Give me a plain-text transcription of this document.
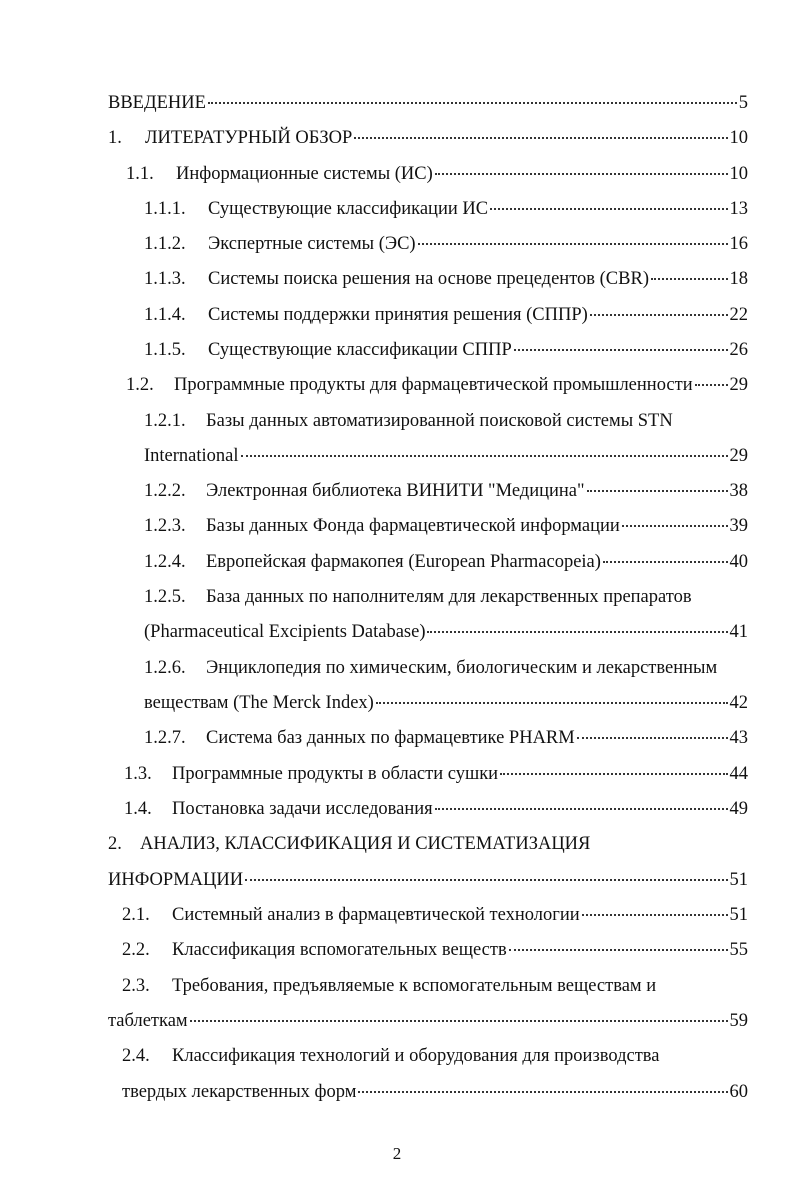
ВВЕДЕНИЕ	5
1.	ЛИТЕРАТУРНЫЙ ОБЗОР	10
1.1.	Информационные системы (ИС)	10
1.1.1.	Существующие классификации ИС	13
1.1.2.	Экспертные системы (ЭС)	16
1.1.3.	Системы поиска решения на основе прецедентов (CBR)	18
1.1.4.	Системы поддержки принятия решения (СППР)	22
1.1.5.	Существующие классификации СППР	26
1.2.	Программные продукты для фармацевтической промышленности 29
1.2.1.	Базы данных автоматизированной поисковой системы STN
International	29
1.2.2.	Электронная библиотека ВИНИТИ "Медицина"	38
1.2.3.	Базы данных Фонда фармацевтической информации	39
1.2.4.	Европейская фармакопея (European Pharmacopeia)	40
1.2.5.	База данных по наполнителям для лекарственных препаратов
(Pharmaceutical Excipients Database)	41
1.2.6.	Энциклопедия по химическим, биологическим и лекарственным
веществам (The Merck Index)	42
1.2.7.	Система баз данных по фармацевтике PHARM	43
1.3.	Программные продукты в области сушки	44
1.4.	Постановка задачи исследования	49
2. АНАЛИЗ, КЛАССИФИКАЦИЯ И СИСТЕМАТИЗАЦИЯ
ИНФОРМАЦИИ	51
2.1.	Системный анализ в фармацевтической технологии	51
2.2.	Классификация вспомогательных веществ	55
2.3.	Требования, предъявляемые к вспомогательным веществам и
таблеткам	59
2.4.	Классификация технологий и оборудования для производства
твердых лекарственных форм	60
2
